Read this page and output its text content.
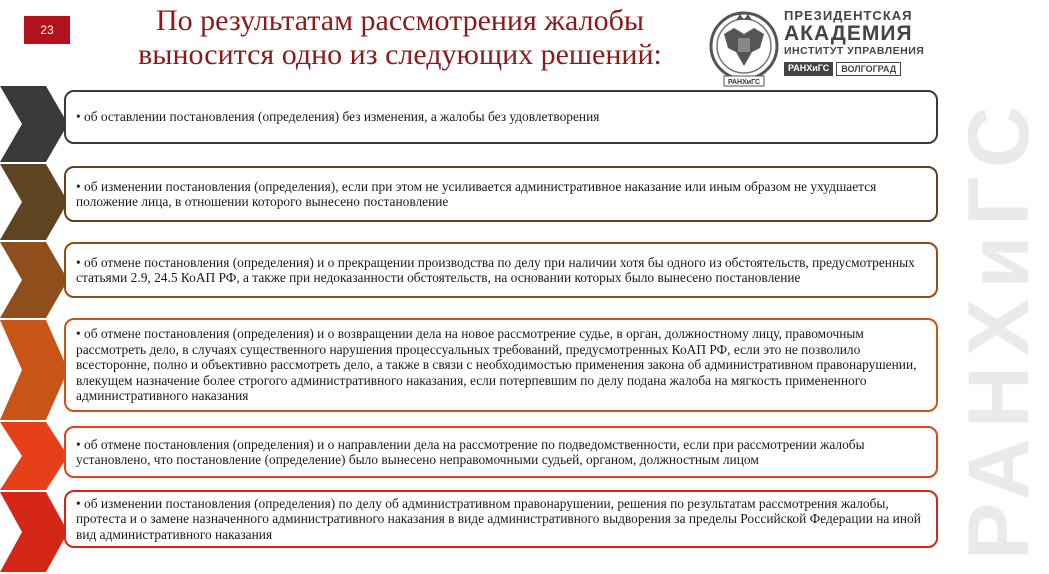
23	По результатам рассмотрения жалобы
выносится одно из следующих решений:
РАНХиГС
ПРЕЗИДЕНТСКАЯ
АКАДЕМИЯ
ИНСТИТУТ УПРАВЛЕНИЯ
РАНХиГС	ВОЛГОГРАД
РАНХиГС
• об оставлении постановления (определения) без изменения, а жалобы без удовлетворения
• об изменении постановления (определения), если при этом не усиливается административное наказание или иным образом не ухудшается положение лица, в отношении которого вынесено постановление
• об отмене постановления (определения) и о прекращении производства по делу при наличии хотя бы одного из обстоятельств, предусмотренных статьями 2.9, 24.5 КоАП РФ, а также при недоказанности обстоятельств, на основании которых было вынесено постановление
• об отмене постановления (определения) и о возвращении дела на новое рассмотрение судье, в орган, должностному лицу, правомочным рассмотреть дело, в случаях существенного нарушения процессуальных требований, предусмотренных КоАП РФ, если это не позволило всесторонне, полно и объективно рассмотреть дело, а также в связи с необходимостью применения закона об административном правонарушении, влекущем назначение более строгого административного наказания, если потерпевшим по делу подана жалоба на мягкость примененного административного наказания
• об отмене постановления (определения) и о направлении дела на рассмотрение по подведомственности, если при рассмотрении жалобы установлено, что постановление (определение) было вынесено неправомочными судьей, органом, должностным лицом
• об изменении постановления (определения) по делу об административном правонарушении, решения по результатам рассмотрения жалобы, протеста и о замене назначенного административного наказания в виде административного выдворения за пределы Российской Федерации на иной вид административного наказания
